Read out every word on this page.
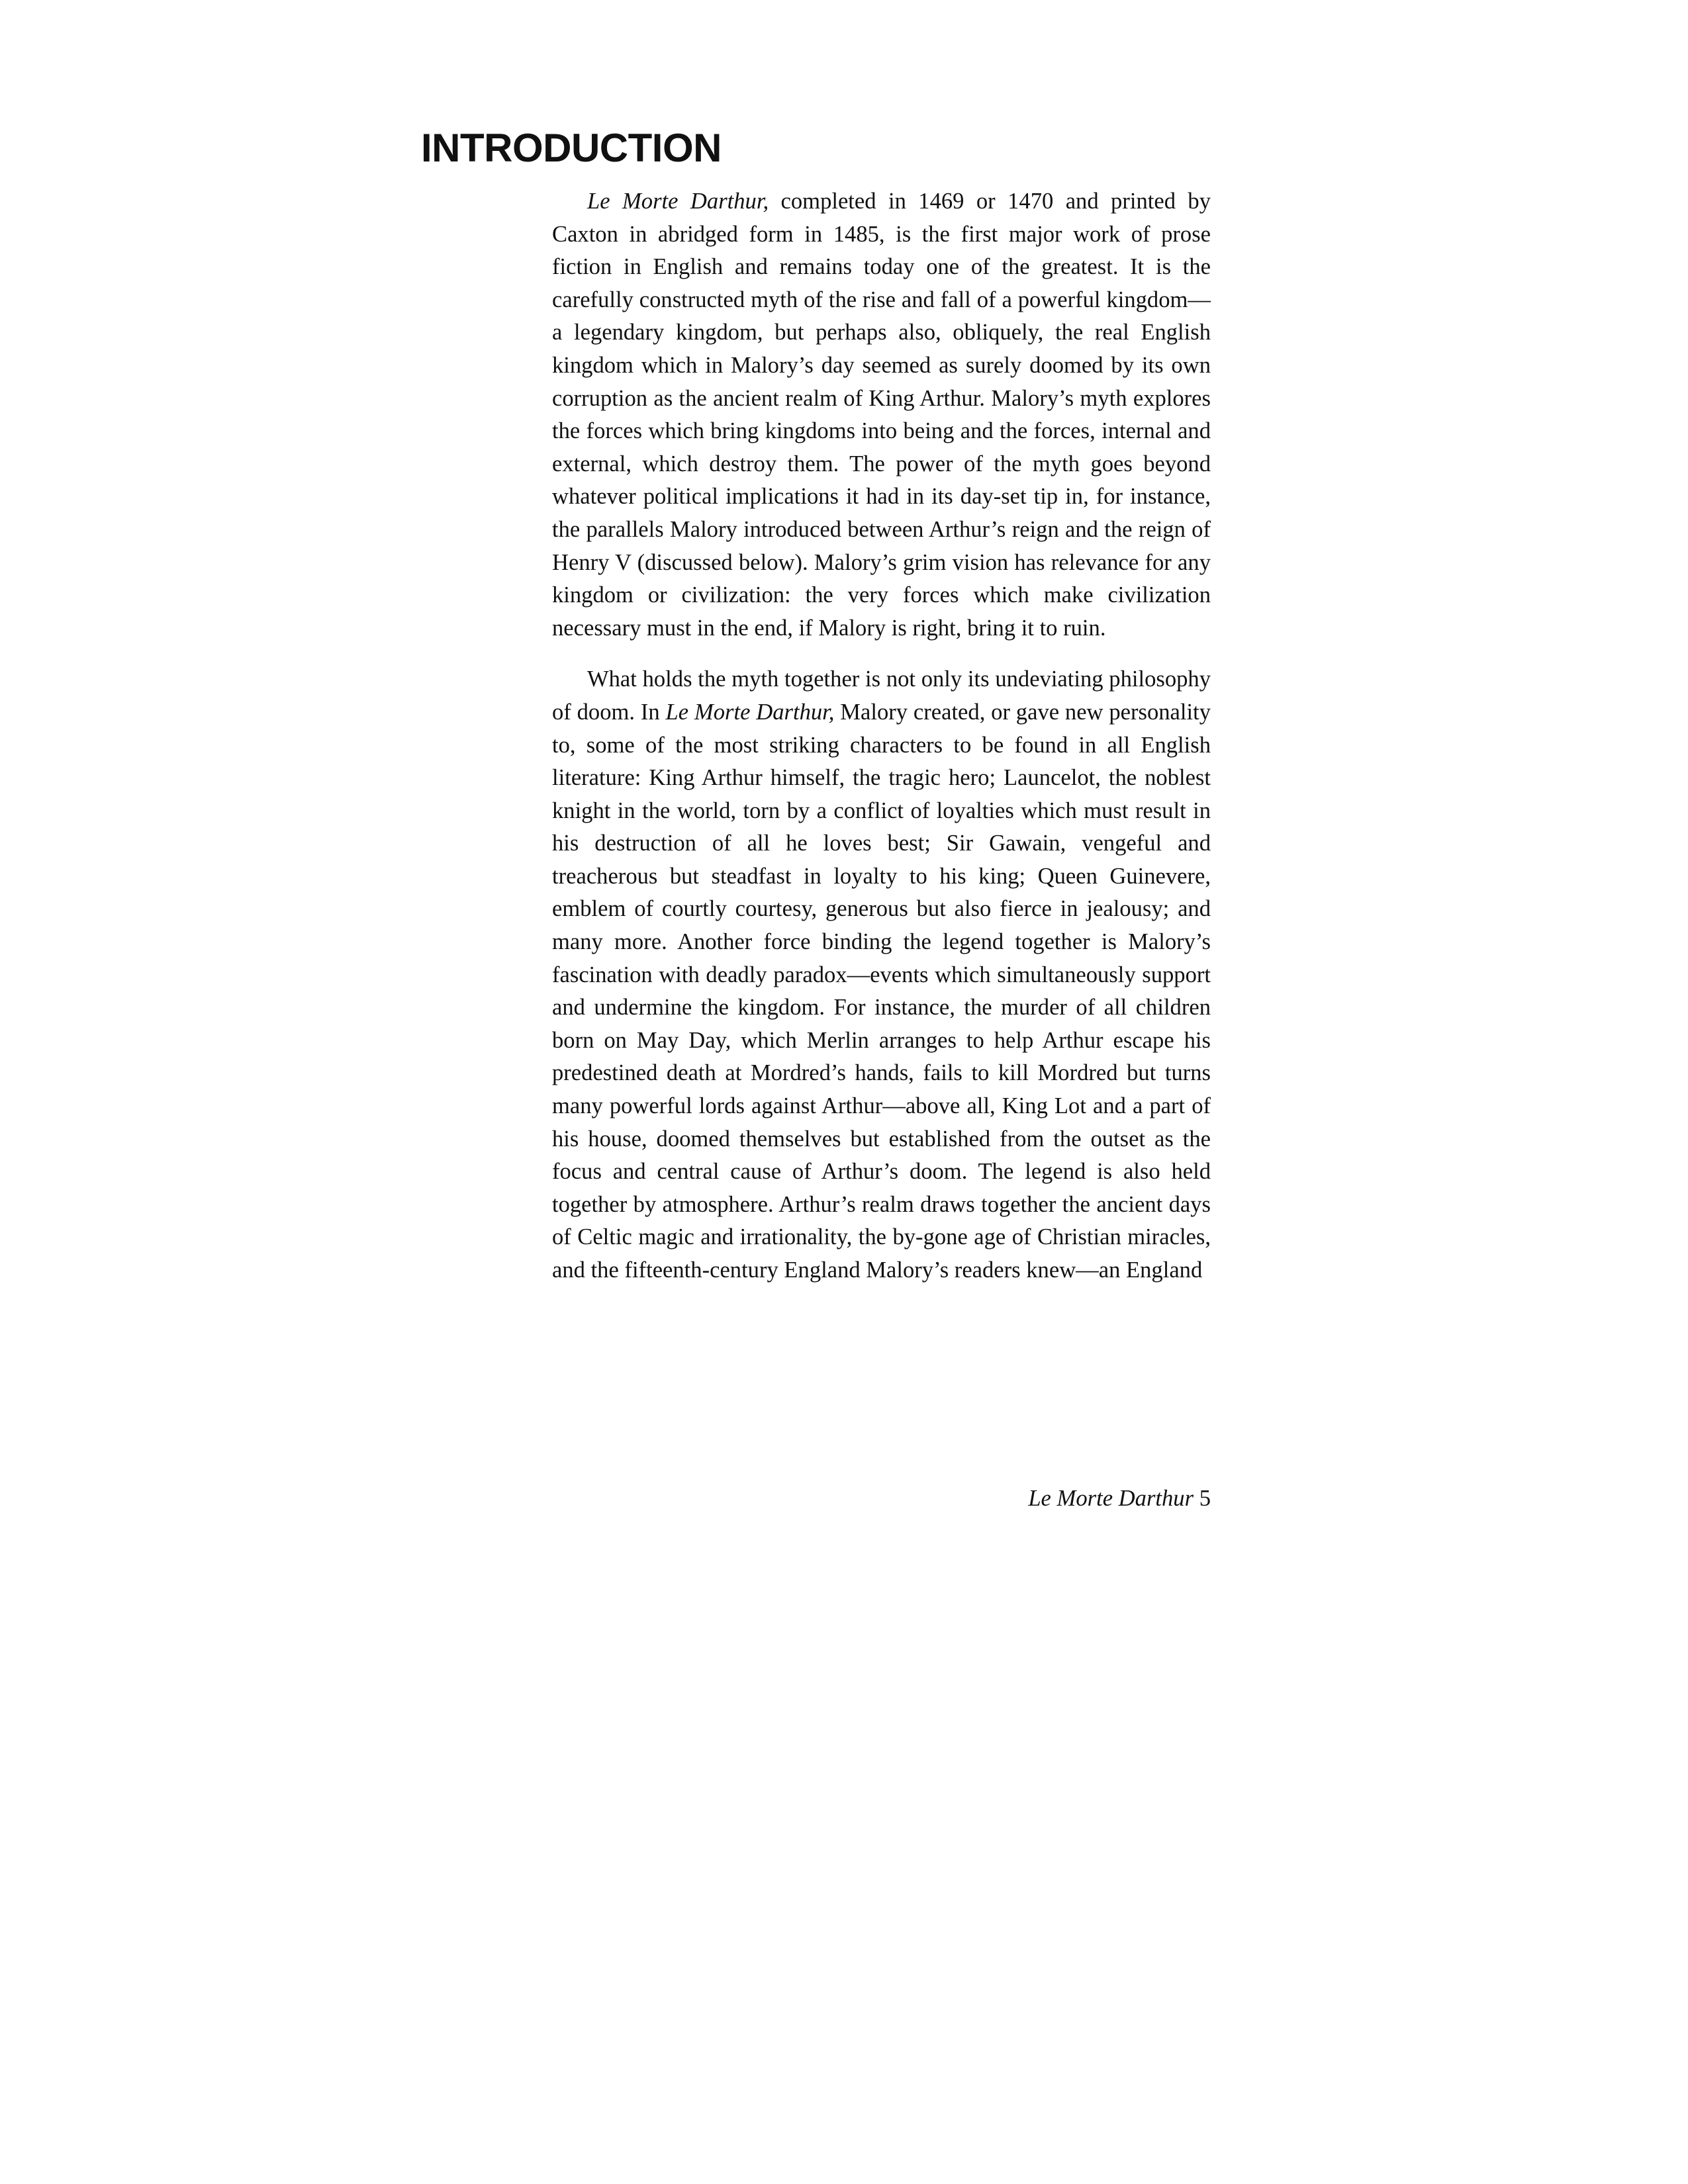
INTRODUCTION

Le Morte Darthur, completed in 1469 or 1470 and printed by Caxton in abridged form in 1485, is the first major work of prose fiction in English and remains today one of the greatest. It is the carefully constructed myth of the rise and fall of a powerful kingdom—a legendary kingdom, but perhaps also, obliquely, the real English kingdom which in Malory’s day seemed as surely doomed by its own corruption as the ancient realm of King Arthur. Malory’s myth explores the forces which bring kingdoms into being and the forces, internal and external, which destroy them. The power of the myth goes beyond whatever political implications it had in its day-set tip in, for instance, the parallels Malory introduced between Arthur’s reign and the reign of Henry V (discussed below). Malory’s grim vision has relevance for any kingdom or civilization: the very forces which make civilization necessary must in the end, if Malory is right, bring it to ruin.

What holds the myth together is not only its undeviating philosophy of doom. In Le Morte Darthur, Malory created, or gave new personality to, some of the most striking characters to be found in all English literature: King Arthur himself, the tragic hero; Launcelot, the noblest knight in the world, torn by a conflict of loyalties which must result in his destruction of all he loves best; Sir Gawain, vengeful and treacherous but steadfast in loyalty to his king; Queen Guinevere, emblem of courtly courtesy, generous but also fierce in jealousy; and many more. Another force binding the legend together is Malory’s fascination with deadly paradox—events which simultaneously support and undermine the kingdom. For instance, the murder of all children born on May Day, which Merlin arranges to help Arthur escape his predestined death at Mordred’s hands, fails to kill Mordred but turns many powerful lords against Arthur—above all, King Lot and a part of his house, doomed themselves but established from the outset as the focus and central cause of Arthur’s doom. The legend is also held together by atmosphere. Arthur’s realm draws together the ancient days of Celtic magic and irrationality, the by-gone age of Christian miracles, and the fifteenth-century England Malory’s readers knew—an England

Le Morte Darthur 5
